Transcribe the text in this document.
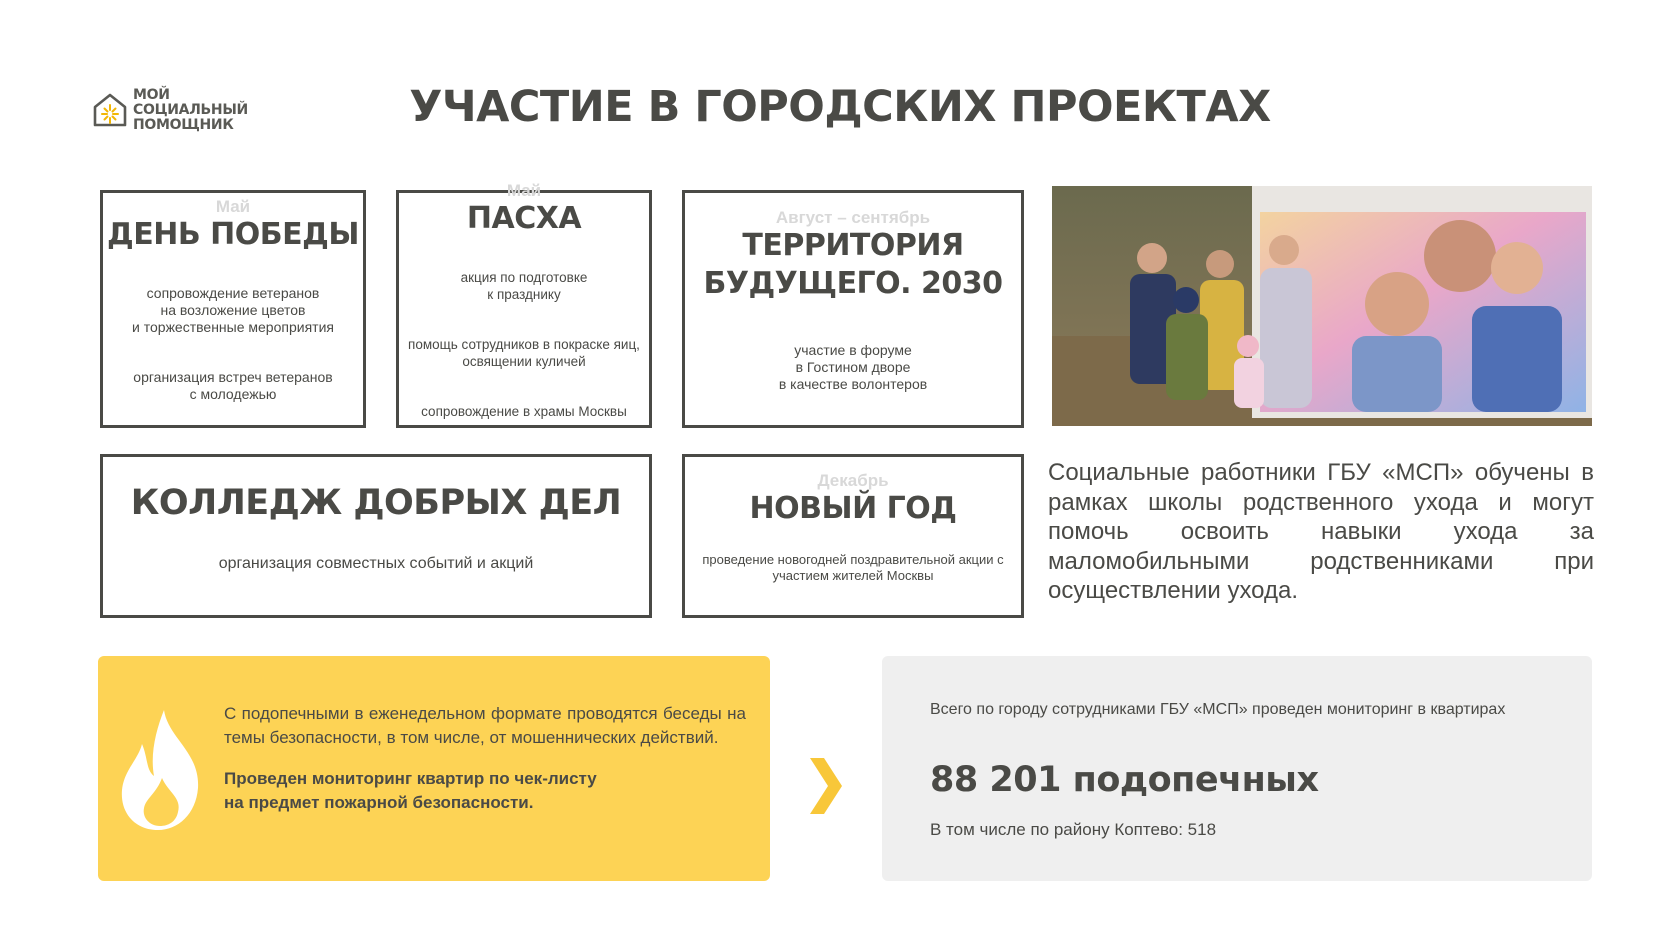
МОЙ СОЦИАЛЬНЫЙ
ПОМОЩНИК	УЧАСТИЕ В ГОРОДСКИХ ПРОЕКТАХ
Май
ДЕНЬ ПОБЕДЫ

сопровождение ветеранов
на возложение цветов
и торжественные мероприятия

организация встреч ветеранов
с молодежью

Май
ПАСХА

акция по подготовке
к празднику

помощь сотрудников в покраске яиц,
освящении куличей

сопровождение в храмы Москвы

Август – сентябрь
ТЕРРИТОРИЯ
БУДУЩЕГО. 2030

участие в форуме
в Гостином дворе
в качестве волонтеров

КОЛЛЕДЖ ДОБРЫХ ДЕЛ

организация совместных событий и акций

Декабрь
НОВЫЙ ГОД

проведение новогодней поздравительной акции с
участием жителей Москвы

Социальные работники ГБУ «МСП» обучены в рамках школы родственного ухода и могут помочь освоить навыки ухода за маломобильными родственниками при осуществлении ухода.

С подопечными в еженедельном формате проводятся беседы на темы безопасности, в том числе, от мошеннических действий.

Проведен мониторинг квартир по чек-листу
на предмет пожарной безопасности.

Всего по городу сотрудниками ГБУ «МСП» проведен мониторинг в квартирах
88 201 подопечных
В том числе по району Коптево: 518
